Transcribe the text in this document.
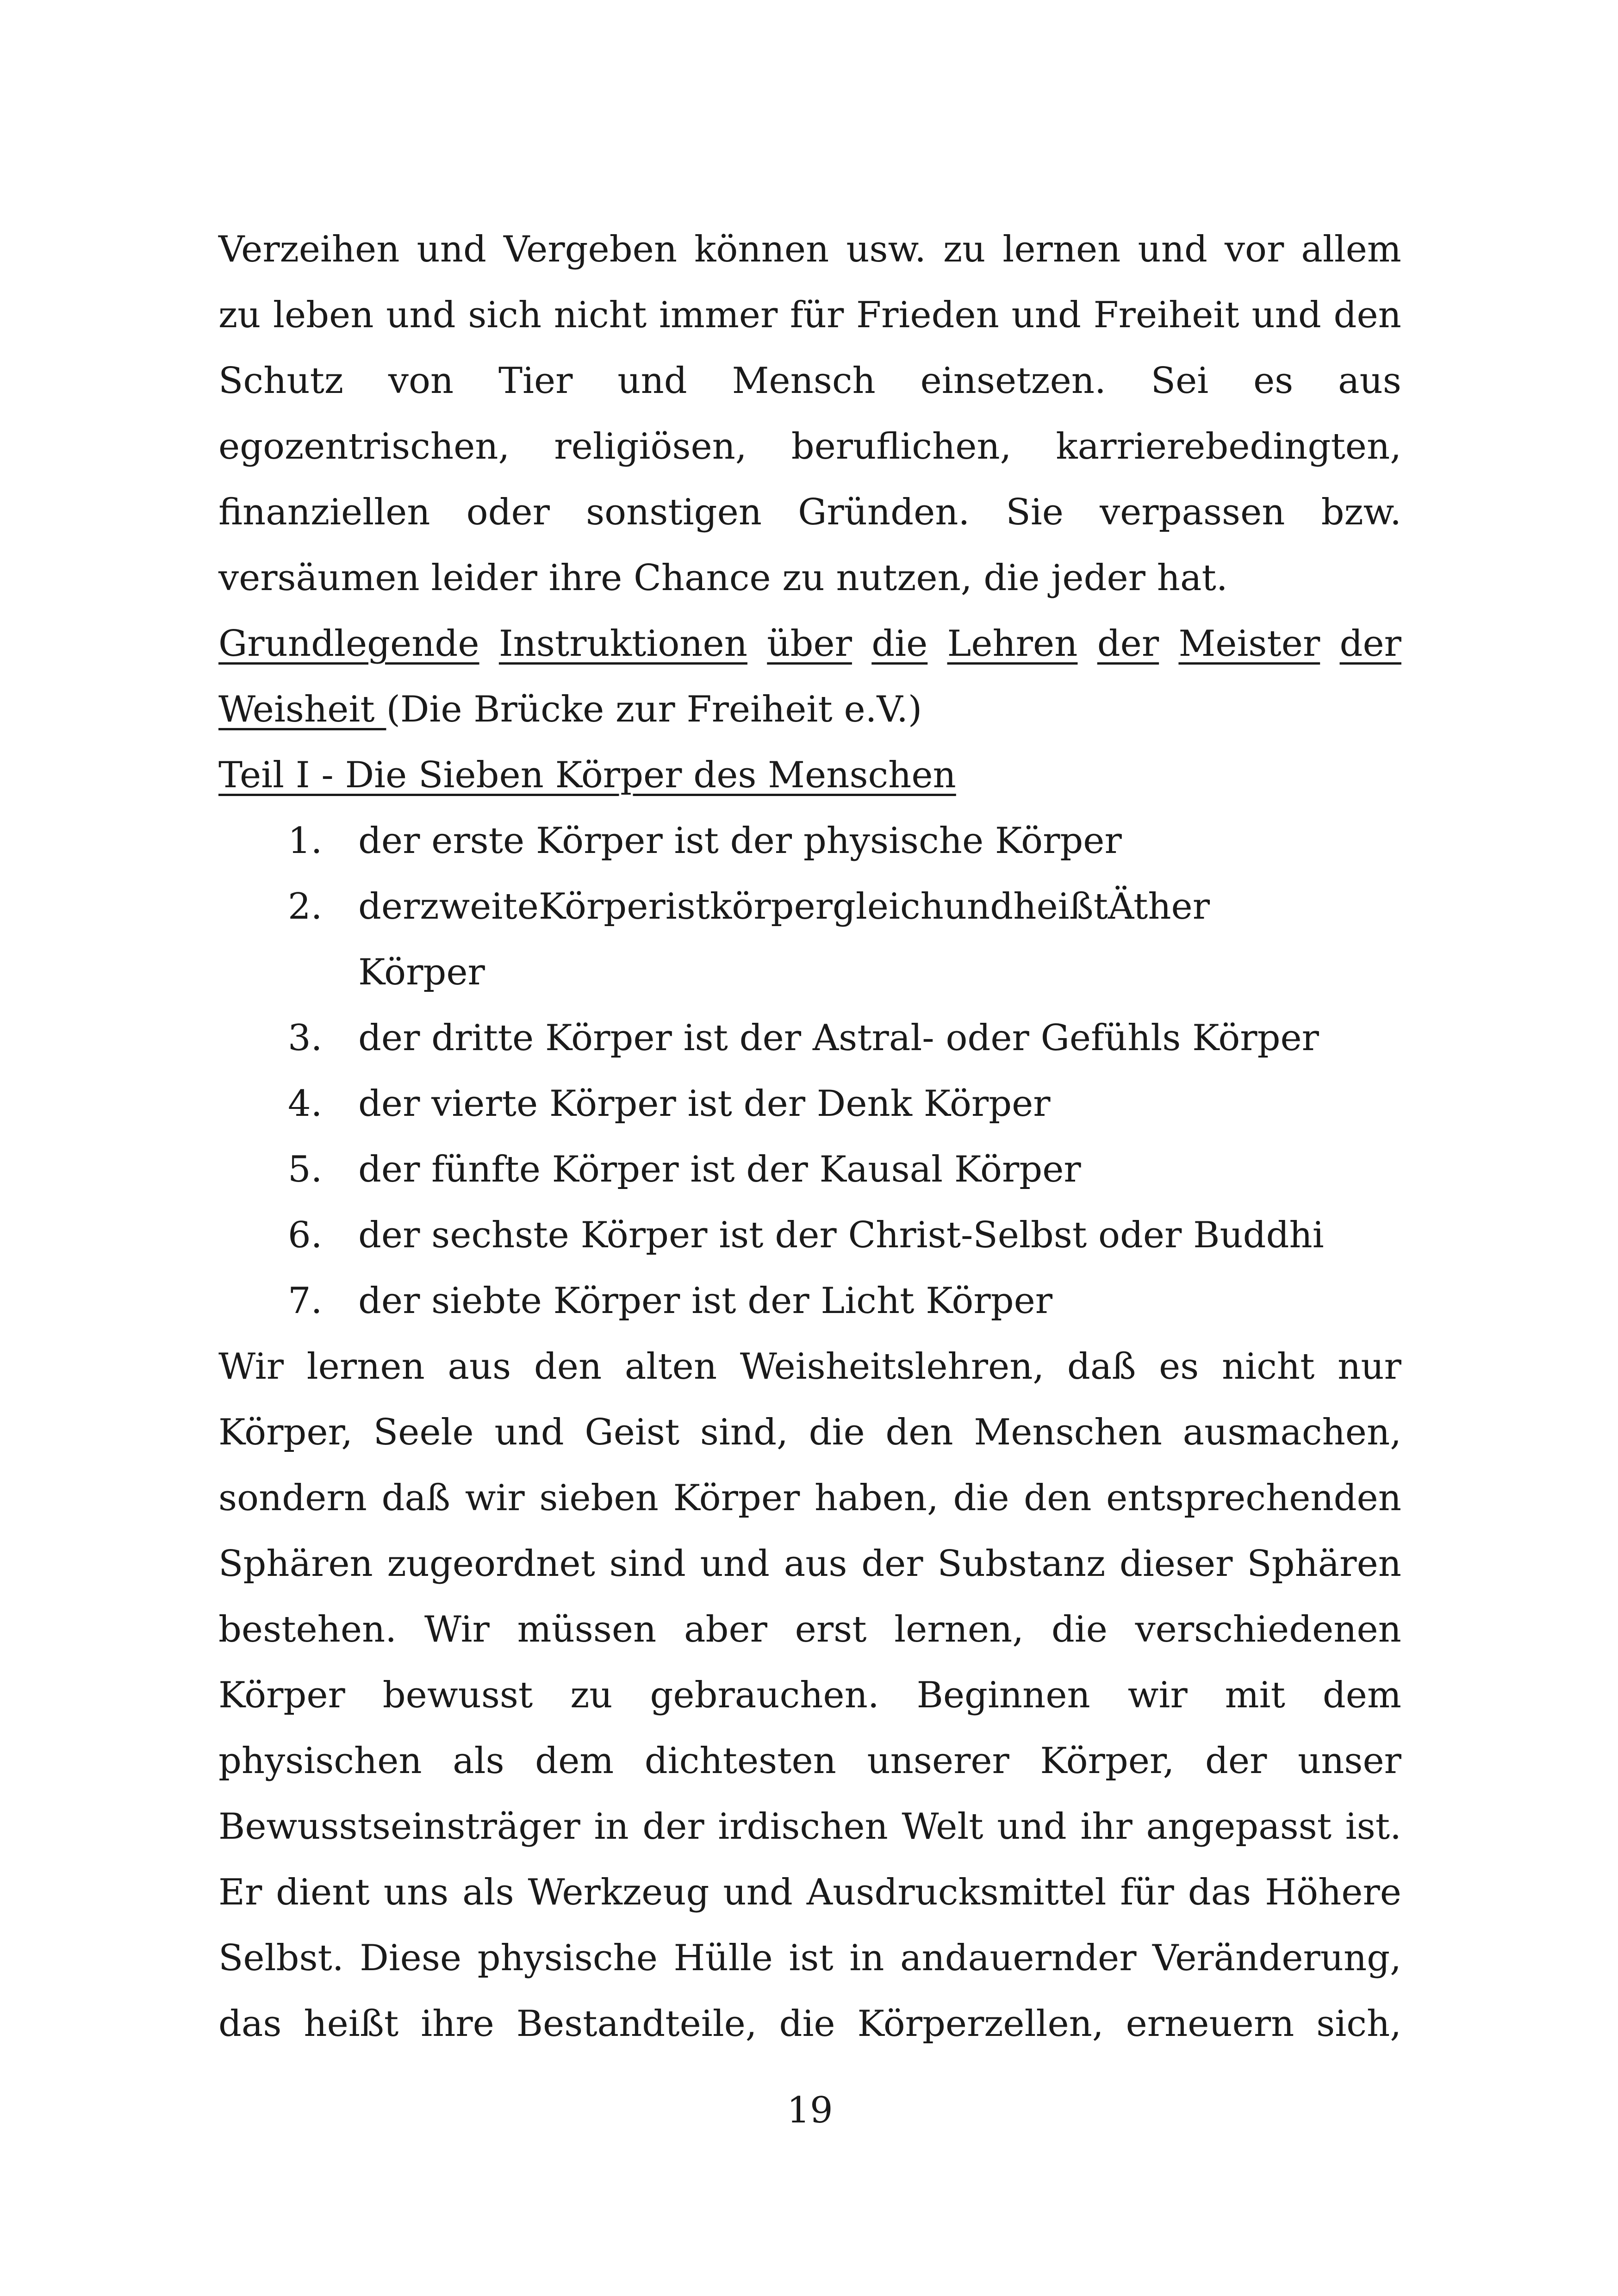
Verzeihen und Vergeben können usw. zu lernen und vor allem
zu leben und sich nicht immer für Frieden und Freiheit und den
Schutz von Tier und Mensch einsetzen. Sei es aus
egozentrischen, religiösen, beruflichen, karrierebedingten,
finanziellen oder sonstigen Gründen. Sie verpassen bzw.
versäumen leider ihre Chance zu nutzen, die jeder hat.
Grundlegende Instruktionen über die Lehren der Meister der
Weisheit (Die Brücke zur Freiheit e.V.)
Teil I - Die Sieben Körper des Menschen
1. der erste Körper ist der physische Körper
2. derzweiteKörperistkörpergleichundheißtÄther
Körper
3. der dritte Körper ist der Astral- oder Gefühls Körper
4. der vierte Körper ist der Denk Körper
5. der fünfte Körper ist der Kausal Körper
6. der sechste Körper ist der Christ-Selbst oder Buddhi
7. der siebte Körper ist der Licht Körper
Wir lernen aus den alten Weisheitslehren, daß es nicht nur
Körper, Seele und Geist sind, die den Menschen ausmachen,
sondern daß wir sieben Körper haben, die den entsprechenden
Sphären zugeordnet sind und aus der Substanz dieser Sphären
bestehen. Wir müssen aber erst lernen, die verschiedenen
Körper bewusst zu gebrauchen. Beginnen wir mit dem
physischen als dem dichtesten unserer Körper, der unser
Bewusstseinsträger in der irdischen Welt und ihr angepasst ist.
Er dient uns als Werkzeug und Ausdrucksmittel für das Höhere
Selbst. Diese physische Hülle ist in andauernder Veränderung,
das heißt ihre Bestandteile, die Körperzellen, erneuern sich,
19
